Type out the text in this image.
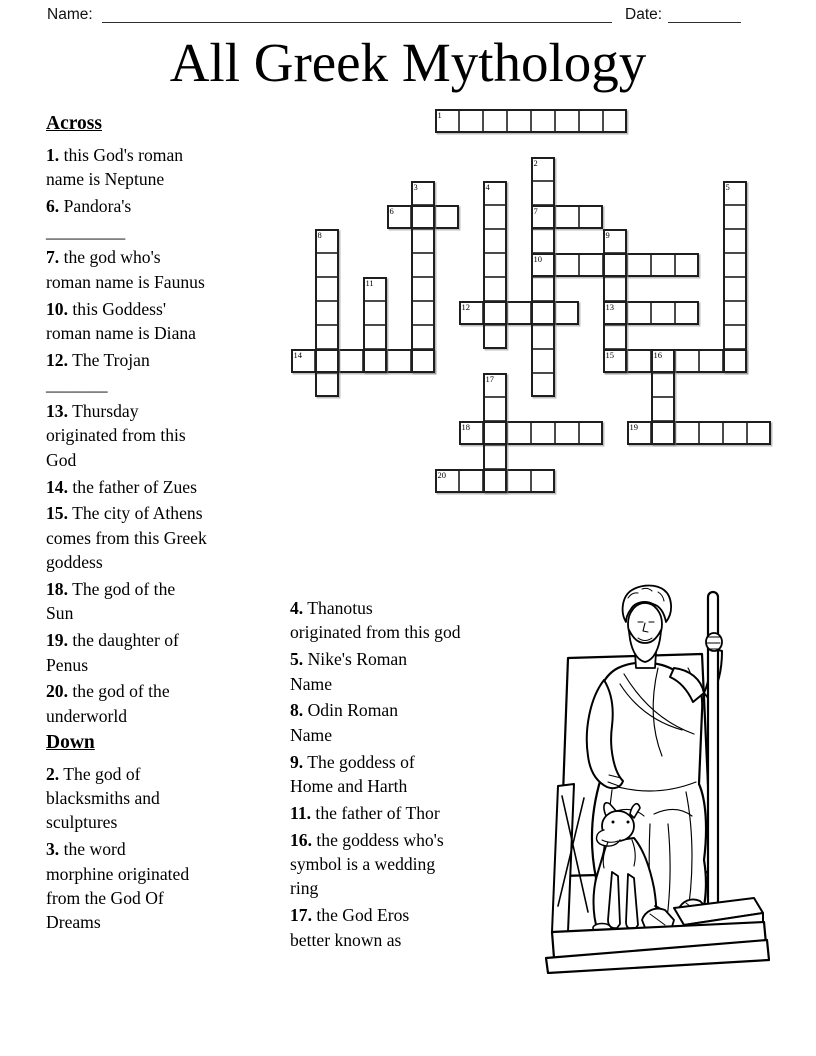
Name:	Date:
All Greek Mythology
1
6	7
10
12	13
14	15
18	19
20
2
3	4	5
8	9
11
16
17

Across

1. this God's roman
name is Neptune

6. Pandora's
_________

7. the god who's
roman name is Faunus

10. this Goddess'
roman name is Diana

12. The Trojan
_______

13. Thursday
originated from this
God

14. the father of Zues

15. The city of Athens
comes from this Greek
goddess

18. The god of the
Sun

19. the daughter of
Penus

20. the god of the
underworld

Down

2. The god of
blacksmiths and
sculptures

3. the word
morphine originated
from the God Of
Dreams

4. Thanotus
originated from this god

5. Nike's Roman
Name

8. Odin Roman
Name

9. The goddess of
Home and Harth

11. the father of Thor

16. the goddess who's
symbol is a wedding
ring

17. the God Eros
better known as
